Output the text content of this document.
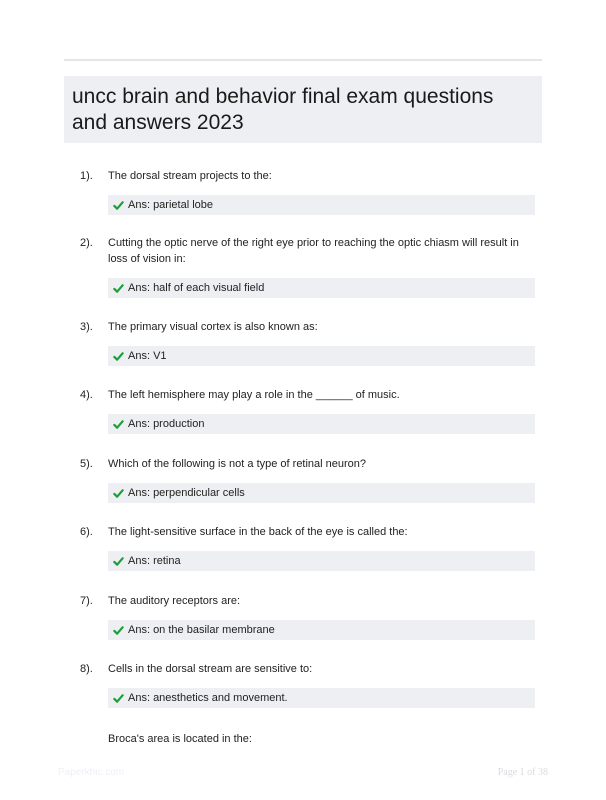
uncc brain and behavior final exam questions and answers 2023
1). The dorsal stream projects to the:
Ans: parietal lobe
2). Cutting the optic nerve of the right eye prior to reaching the optic chiasm will result in loss of vision in:
Ans: half of each visual field
3). The primary visual cortex is also known as:
Ans: V1
4). The left hemisphere may play a role in the ______ of music.
Ans: production
5). Which of the following is not a type of retinal neuron?
Ans: perpendicular cells
6). The light-sensitive surface in the back of the eye is called the:
Ans: retina
7). The auditory receptors are:
Ans: on the basilar membrane
8). Cells in the dorsal stream are sensitive to:
Ans: anesthetics and movement.
Broca's area is located in the:
Paperkhic.com	Page 1 of 38
